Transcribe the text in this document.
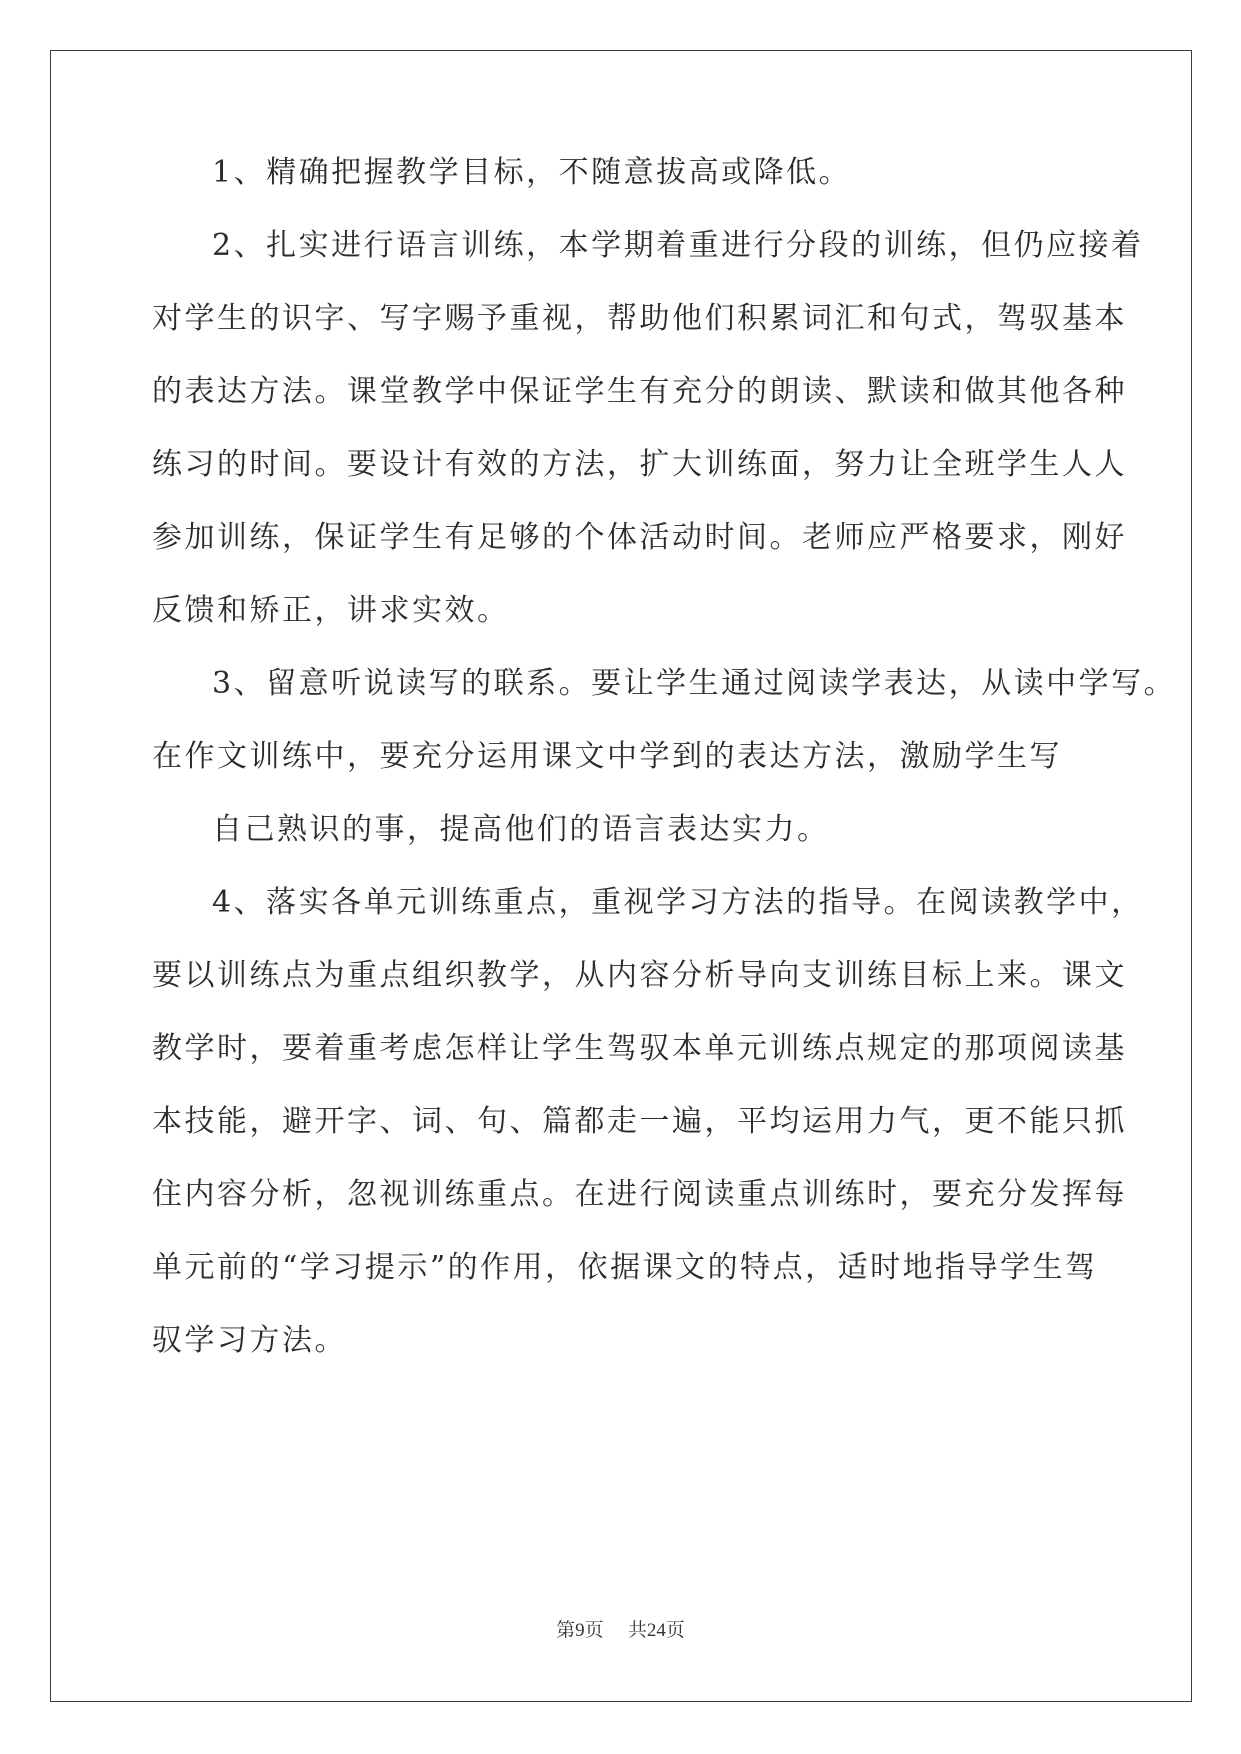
1、精确把握教学目标，不随意拔高或降低。
2、扎实进行语言训练，本学期着重进行分段的训练，但仍应接着
对学生的识字、写字赐予重视，帮助他们积累词汇和句式，驾驭基本
的表达方法。课堂教学中保证学生有充分的朗读、默读和做其他各种
练习的时间。要设计有效的方法，扩大训练面，努力让全班学生人人
参加训练，保证学生有足够的个体活动时间。老师应严格要求，刚好
反馈和矫正，讲求实效。
3、留意听说读写的联系。要让学生通过阅读学表达，从读中学写。
在作文训练中，要充分运用课文中学到的表达方法，激励学生写
自己熟识的事，提高他们的语言表达实力。
4、落实各单元训练重点，重视学习方法的指导。在阅读教学中，
要以训练点为重点组织教学，从内容分析导向支训练目标上来。课文
教学时，要着重考虑怎样让学生驾驭本单元训练点规定的那项阅读基
本技能，避开字、词、句、篇都走一遍，平均运用力气，更不能只抓
住内容分析，忽视训练重点。在进行阅读重点训练时，要充分发挥每
单元前的“学习提示”的作用，依据课文的特点，适时地指导学生驾
驭学习方法。
第9页 共24页
